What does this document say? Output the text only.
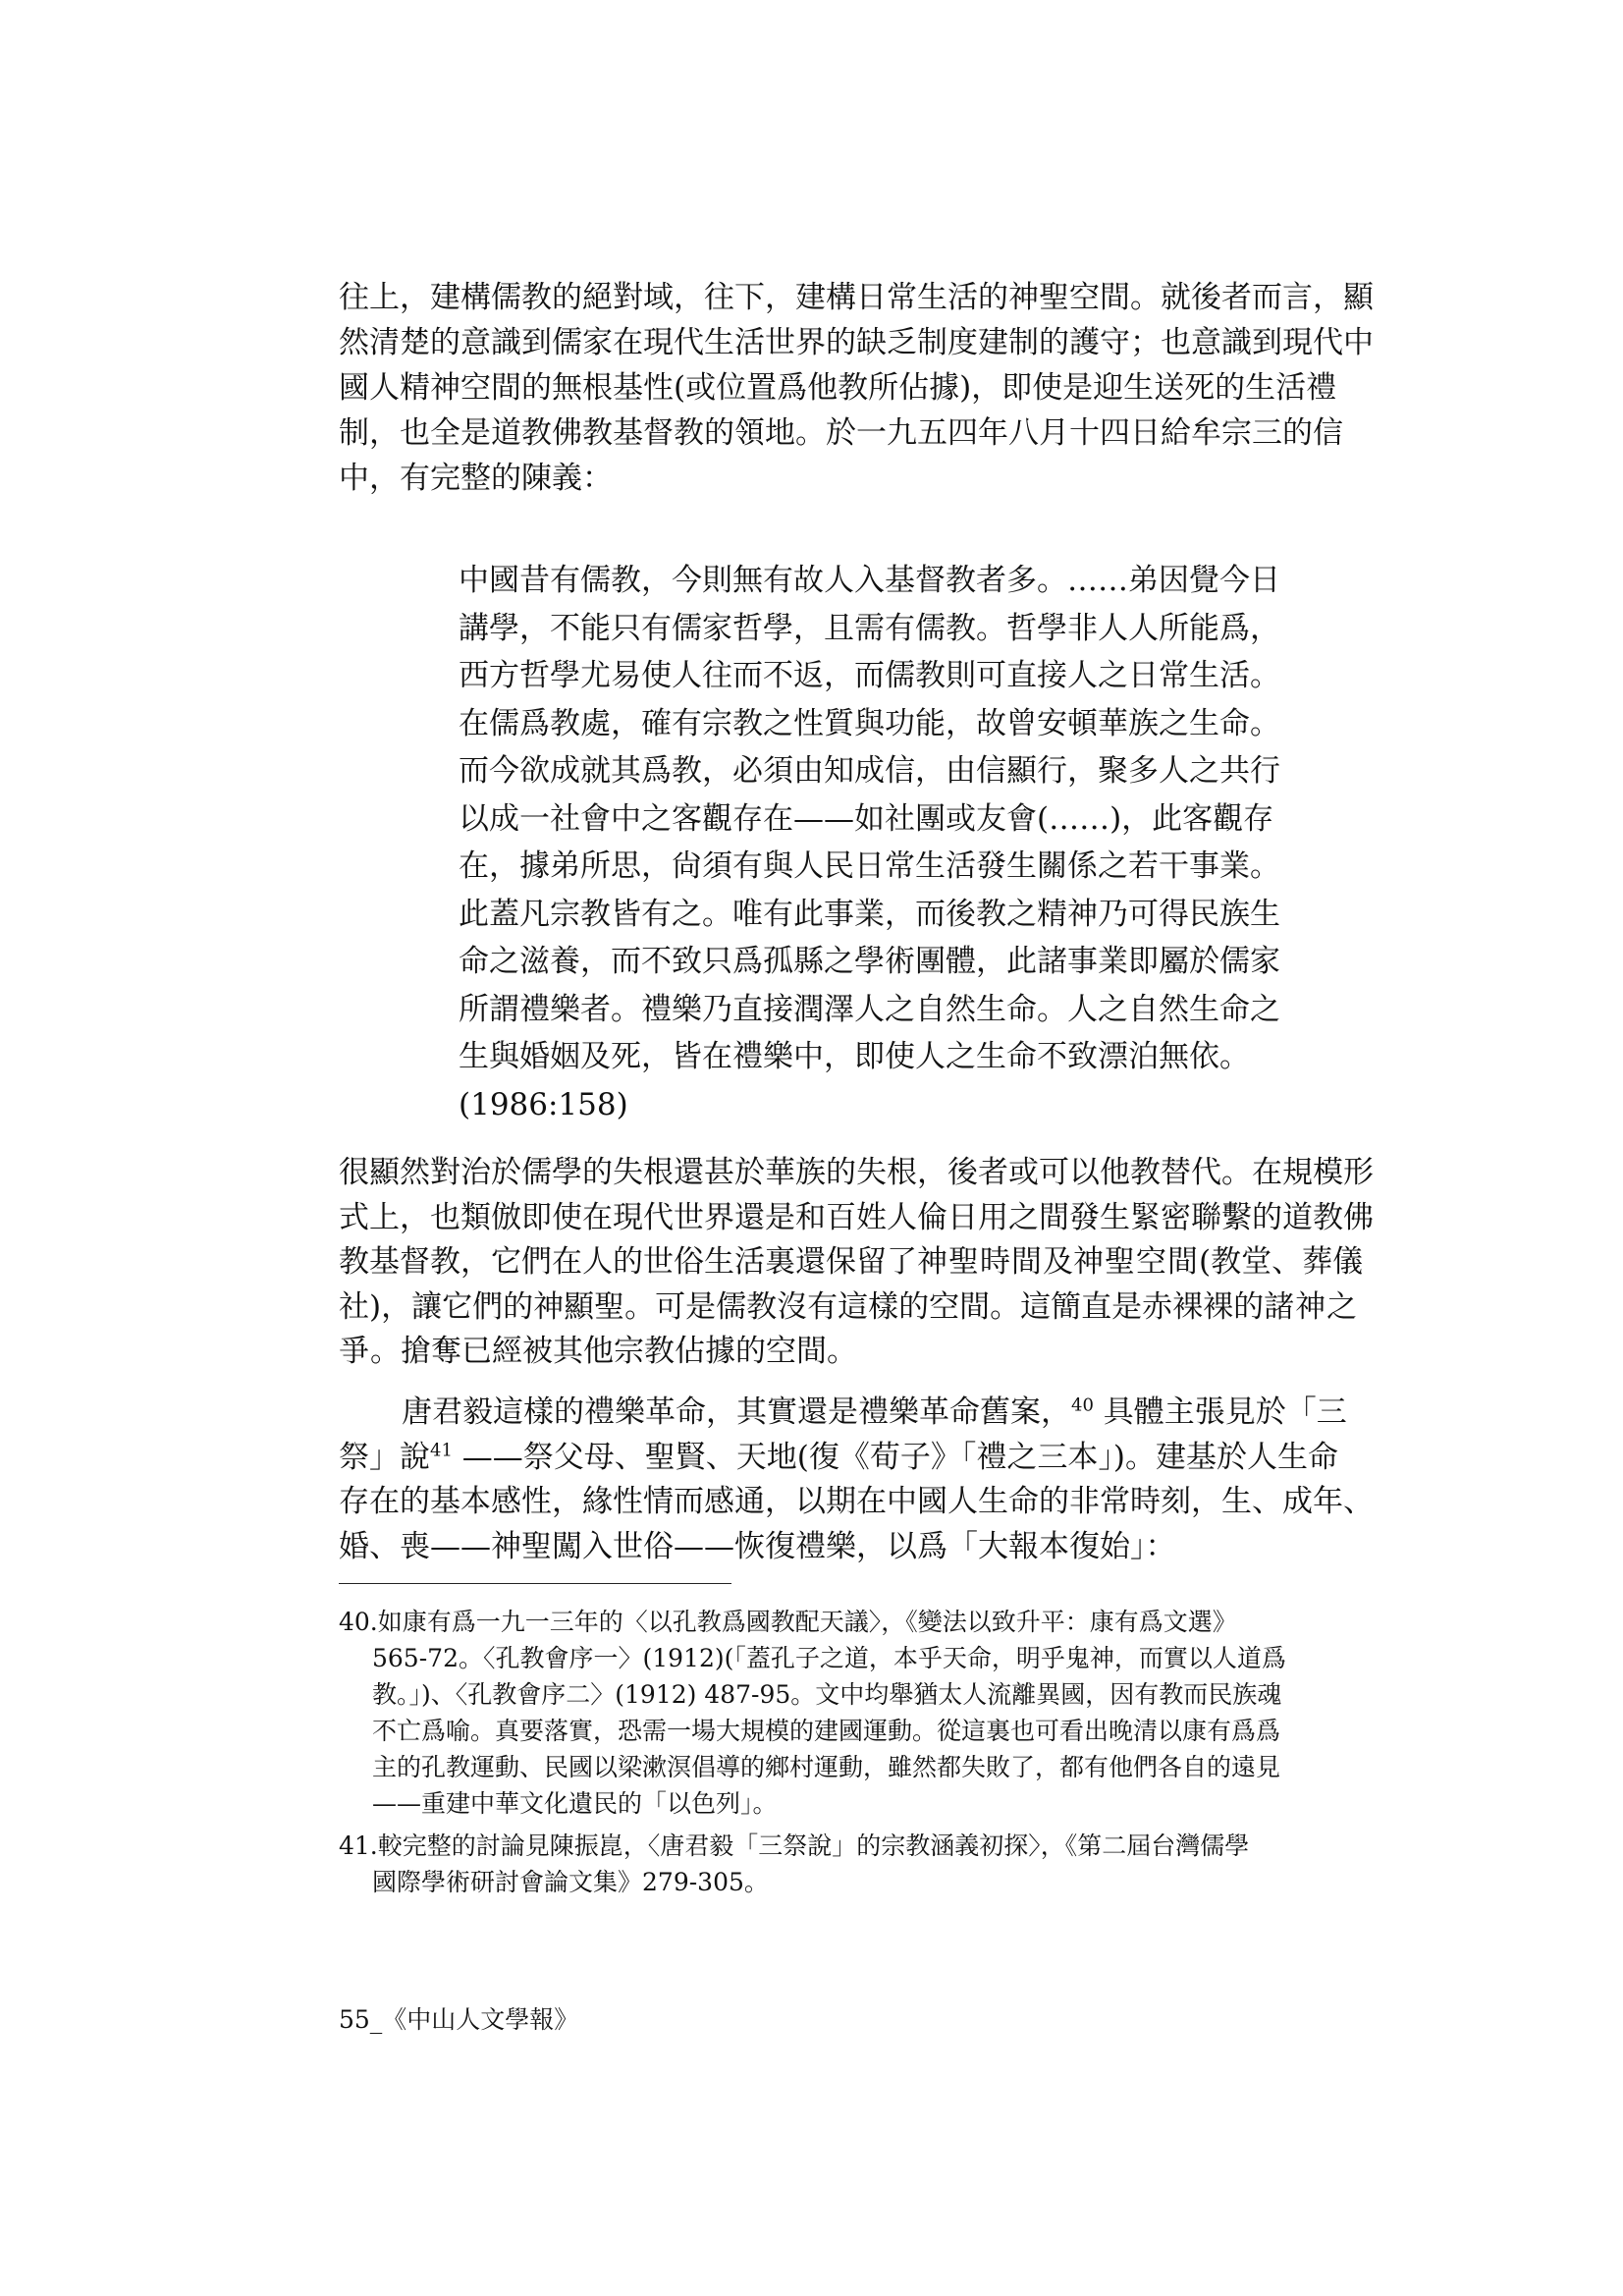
往上，建構儒教的絕對域，往下，建構日常生活的神聖空間。就後者而言，顯
然清楚的意識到儒家在現代生活世界的缺乏制度建制的護守；也意識到現代中
國人精神空間的無根基性(或位置爲他教所佔據)，即使是迎生送死的生活禮
制，也全是道教佛教基督教的領地。於一九五四年八月十四日給牟宗三的信
中，有完整的陳義：
中國昔有儒教，今則無有故人入基督教者多。……弟因覺今日
講學，不能只有儒家哲學，且需有儒教。哲學非人人所能爲，
西方哲學尤易使人往而不返，而儒教則可直接人之日常生活。
在儒爲教處，確有宗教之性質與功能，故曾安頓華族之生命。
而今欲成就其爲教，必須由知成信，由信顯行，聚多人之共行
以成一社會中之客觀存在——如社團或友會(……)，此客觀存
在，據弟所思，尙須有與人民日常生活發生關係之若干事業。
此蓋凡宗教皆有之。唯有此事業，而後教之精神乃可得民族生
命之滋養，而不致只爲孤縣之學術團體，此諸事業即屬於儒家
所謂禮樂者。禮樂乃直接潤澤人之自然生命。人之自然生命之
生與婚姻及死，皆在禮樂中，即使人之生命不致漂泊無依。
(1986:158)
很顯然對治於儒學的失根還甚於華族的失根，後者或可以他教替代。在規模形
式上，也類倣即使在現代世界還是和百姓人倫日用之間發生緊密聯繫的道教佛
教基督教，它們在人的世俗生活裏還保留了神聖時間及神聖空間(教堂、葬儀
社)，讓它們的神顯聖。可是儒教沒有這樣的空間。這簡直是赤裸裸的諸神之
爭。搶奪已經被其他宗教佔據的空間。
唐君毅這樣的禮樂革命，其實還是禮樂革命舊案，$^{40}$ 具體主張見於「三
祭」說$^{41}$ ——祭父母、聖賢、天地(復《荀子》「禮之三本」)。建基於人生命
存在的基本感性，緣性情而感通，以期在中國人生命的非常時刻，生、成年、
婚、喪——神聖闖入世俗——恢復禮樂，以爲「大報本復始」：
40.如康有爲一九一三年的〈以孔教爲國教配天議〉，《變法以致升平：康有爲文選》
565-72。〈孔教會序一〉(1912)(「蓋孔子之道，本乎天命，明乎鬼神，而實以人道爲
教。」)、〈孔教會序二〉(1912) 487-95。文中均舉猶太人流離異國，因有教而民族魂
不亡爲喻。真要落實，恐需一場大規模的建國運動。從這裏也可看出晚清以康有爲爲
主的孔教運動、民國以梁漱溟倡導的鄉村運動，雖然都失敗了，都有他們各自的遠見
——重建中華文化遺民的「以色列」。
41.較完整的討論見陳振崑，〈唐君毅「三祭說」的宗教涵義初探〉，《第二屆台灣儒學
國際學術研討會論文集》279-305。
55_《中山人文學報》
